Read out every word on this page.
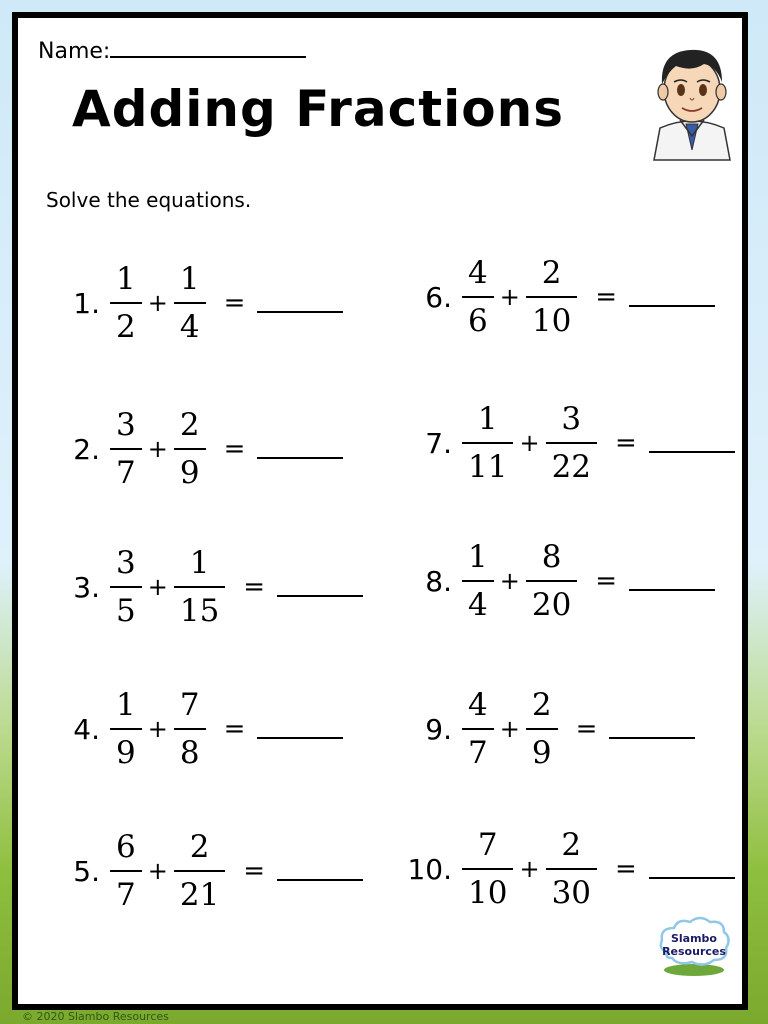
Name:
Adding Fractions
Solve the equations.
1. $\frac{1}{2} + \frac{1}{4}$ =
2. $\frac{3}{7} + \frac{2}{9}$ =
3. $\frac{3}{5} + \frac{1}{15}$ =
4. $\frac{1}{9} + \frac{7}{8}$ =
5. $\frac{6}{7} + \frac{2}{21}$ =
6. $\frac{4}{6} + \frac{2}{10}$ =
7. $\frac{1}{11} + \frac{3}{22}$ =
8. $\frac{1}{4} + \frac{8}{20}$ =
9. $\frac{4}{7} + \frac{2}{9}$ =
10. $\frac{7}{10} + \frac{2}{30}$ =
Slambo
Resources
© 2020 Slambo Resources
